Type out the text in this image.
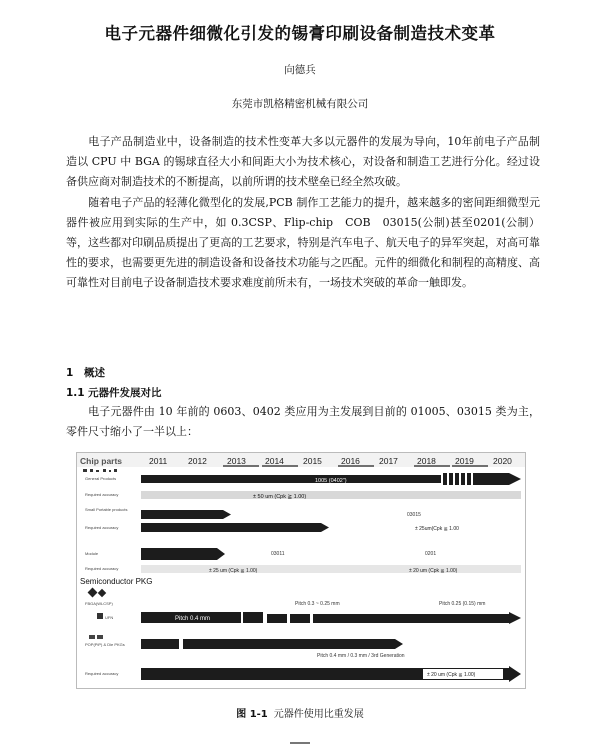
电子元器件细微化引发的锡膏印刷设备制造技术变革
向德兵
东莞市凯格精密机械有限公司
电子产品制造业中，设备制造的技术性变革大多以元器件的发展为导向，10年前电子产品制造以 CPU 中 BGA 的锡球直径大小和间距大小为技术核心，对设备和制造工艺进行分化。经过设备供应商对制造技术的不断提高，以前所谓的技术壁垒已经全然攻破。
随着电子产品的轻薄化微型化的发展,PCB 制作工艺能力的提升，越来越多的密间距细微型元器件被应用到实际的生产中，如 0.3CSP、Flip-chip　COB　03015(公制)甚至0201(公制）等，这些都对印刷品质提出了更高的工艺要求，特别是汽车电子、航天电子的异军突起，对高可靠性的要求，也需要更先进的制造设备和设备技术功能与之匹配。元件的细微化和制程的高精度、高可靠性对目前电子设备制造技术要求难度前所未有，一场技术突破的革命一触即发。
1 概述
1.1 元器件发展对比
电子元器件由 10 年前的 0603、0402 类应用为主发展到目前的 01005、03015 类为主，零件尺寸缩小了一半以上：
Chip parts	2011 2012 2013 2014 2015 2016 2017 2018 2019 2020
General Products	1005 (0402")
Required accuracy	± 50 um (Cpk ≧ 1.00)
Small Portable products
03015
Required accuracy	± 25um(Cpk ≧ 1.00
Module	03011	0201
Required accuracy	± 25 um (Cpk ≧ 1.00)	± 20 um (Cpk ≧ 1.00)
Semiconductor PKG
FBGA(WLCSP)	Pitch 0.3 ~ 0.25 mm	Pitch 0.25 (0.15) mm
UFN	Pitch 0.4 mm
POP(PiP) & Die PKGs
Pitch 0.4 mm / 0.3 mm / 3rd Generation
Required accuracy	± 20 um (Cpk ≧ 1.00)
图 1-1 元器件使用比重发展
